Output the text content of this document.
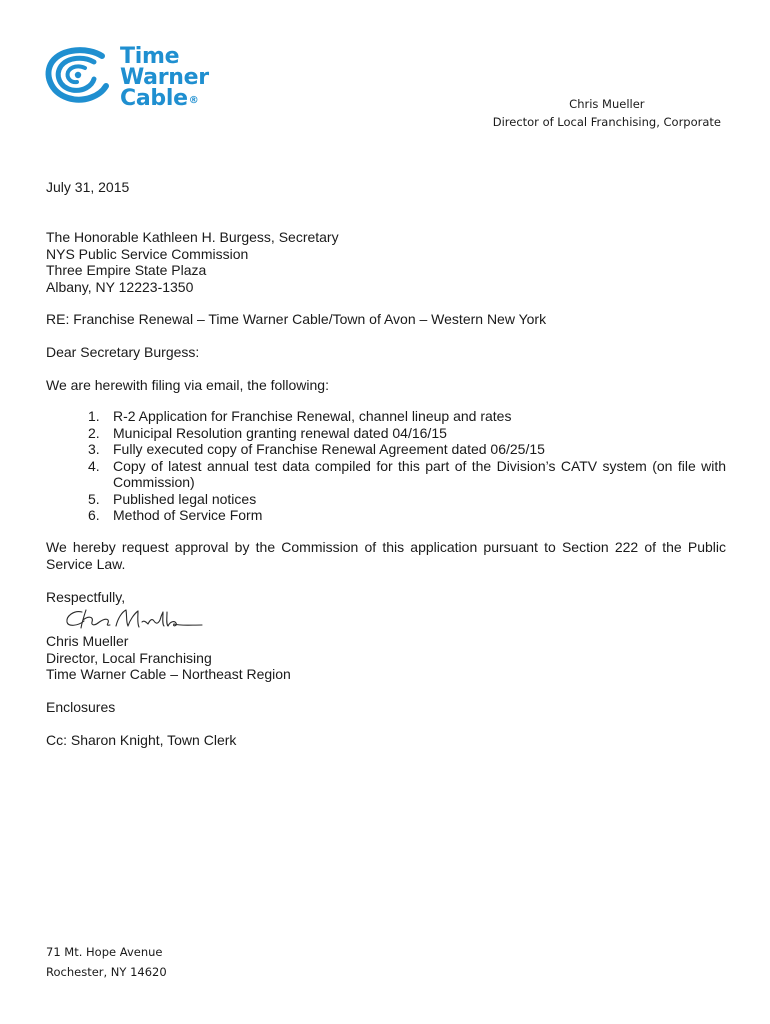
Time
Warner
Cable®	Chris Mueller
Director of Local Franchising, Corporate
July 31, 2015
The Honorable Kathleen H. Burgess, Secretary
NYS Public Service Commission
Three Empire State Plaza
Albany, NY 12223-1350
RE: Franchise Renewal – Time Warner Cable/Town of Avon – Western New York
Dear Secretary Burgess:
We are herewith filing via email, the following:
1. R-2 Application for Franchise Renewal, channel lineup and rates
2. Municipal Resolution granting renewal dated 04/16/15
3. Fully executed copy of Franchise Renewal Agreement dated 06/25/15
4. Copy of latest annual test data compiled for this part of the Division’s CATV system (on file with Commission)
5. Published legal notices
6. Method of Service Form
We hereby request approval by the Commission of this application pursuant to Section 222 of the Public Service Law.
Respectfully,
Chris Mueller
Director, Local Franchising
Time Warner Cable – Northeast Region
Enclosures
Cc: Sharon Knight, Town Clerk
71 Mt. Hope Avenue
Rochester, NY 14620
